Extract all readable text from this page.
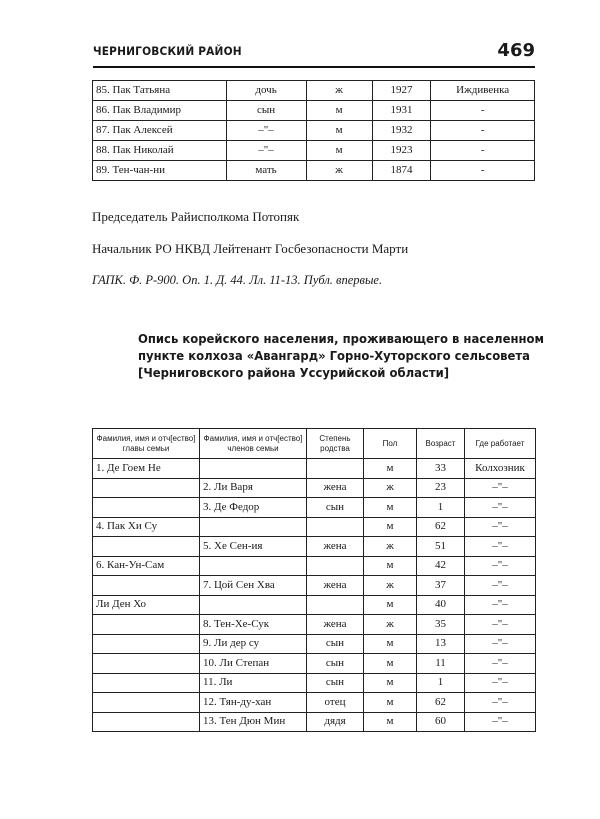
ЧЕРНИГОВСКИЙ РАЙОН	469
85. Пак Татьяна	дочь	ж	1927	Иждивенка
86. Пак Владимир	сын	м	1931	-
87. Пак Алексей	–"–	м	1932	-
88. Пак Николай	–"–	м	1923	-
89. Тен-чан-ни	мать	ж	1874	-
Председатель Райисполкома Потопяк
Начальник РО НКВД Лейтенант Госбезопасности Марти
ГАПК. Ф. Р-900. Оп. 1. Д. 44. Лл. 11-13. Публ. впервые.
Опись корейского населения, проживающего в населенном
пункте колхоза «Авангард» Горно-Хуторского сельсовета
[Черниговского района Уссурийской области]
Фамилия, имя и отч[ество] главы семьи	Фамилия, имя и отч[ество] членов семьи	Степень родства	Пол	Возраст	Где работает
1. Де Гоем Не			м	33	Колхозник
	2. Ли Варя	жена	ж	23	–"–
	3. Де Федор	сын	м	1	–"–
4. Пак Хи Су			м	62	–"–
	5. Хе Сен-ия	жена	ж	51	–"–
6. Кан-Ун-Сам			м	42	–"–
	7. Цой Сен Хва	жена	ж	37	–"–
Ли Ден Хо			м	40	–"–
	8. Тен-Хе-Сук	жена	ж	35	–"–
	9. Ли дер су	сын	м	13	–"–
	10. Ли Степан	сын	м	11	–"–
	11. Ли	сын	м	1	–"–
	12. Тян-ду-хан	отец	м	62	–"–
	13. Тен Дюн Мин	дядя	м	60	–"–
